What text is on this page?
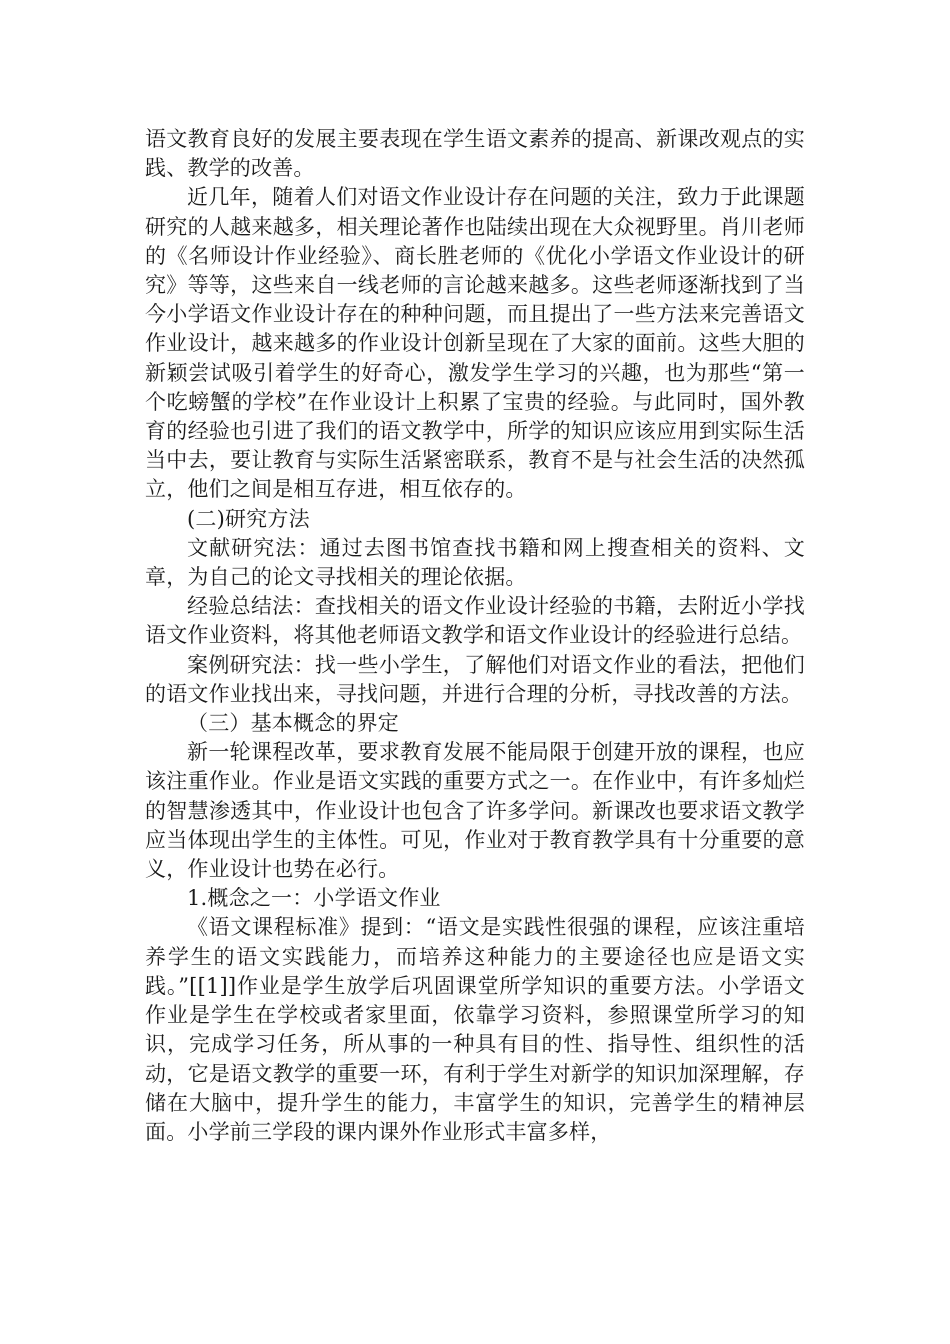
语文教育良好的发展主要表现在学生语文素养的提高、新课改观点的实践、教学的改善。

近几年，随着人们对语文作业设计存在问题的关注，致力于此课题研究的人越来越多，相关理论著作也陆续出现在大众视野里。肖川老师的《名师设计作业经验》、商长胜老师的《优化小学语文作业设计的研究》等等，这些来自一线老师的言论越来越多。这些老师逐渐找到了当今小学语文作业设计存在的种种问题，而且提出了一些方法来完善语文作业设计，越来越多的作业设计创新呈现在了大家的面前。这些大胆的新颖尝试吸引着学生的好奇心，激发学生学习的兴趣，也为那些“第一个吃螃蟹的学校”在作业设计上积累了宝贵的经验。与此同时，国外教育的经验也引进了我们的语文教学中，所学的知识应该应用到实际生活当中去，要让教育与实际生活紧密联系，教育不是与社会生活的决然孤立，他们之间是相互存进，相互依存的。

(二)研究方法

文献研究法：通过去图书馆查找书籍和网上搜查相关的资料、文章，为自己的论文寻找相关的理论依据。

经验总结法：查找相关的语文作业设计经验的书籍，去附近小学找语文作业资料，将其他老师语文教学和语文作业设计的经验进行总结。

案例研究法：找一些小学生，了解他们对语文作业的看法，把他们的语文作业找出来，寻找问题，并进行合理的分析，寻找改善的方法。

（三）基本概念的界定

新一轮课程改革，要求教育发展不能局限于创建开放的课程，也应该注重作业。作业是语文实践的重要方式之一。在作业中，有许多灿烂的智慧渗透其中，作业设计也包含了许多学问。新课改也要求语文教学应当体现出学生的主体性。可见，作业对于教育教学具有十分重要的意义，作业设计也势在必行。

1.概念之一：小学语文作业

《语文课程标准》提到：“语文是实践性很强的课程，应该注重培养学生的语文实践能力，而培养这种能力的主要途径也应是语文实践。”[[1]]作业是学生放学后巩固课堂所学知识的重要方法。小学语文作业是学生在学校或者家里面，依靠学习资料，参照课堂所学习的知识，完成学习任务，所从事的一种具有目的性、指导性、组织性的活动，它是语文教学的重要一环，有利于学生对新学的知识加深理解，存储在大脑中，提升学生的能力，丰富学生的知识，完善学生的精神层面。小学前三学段的课内课外作业形式丰富多样，
